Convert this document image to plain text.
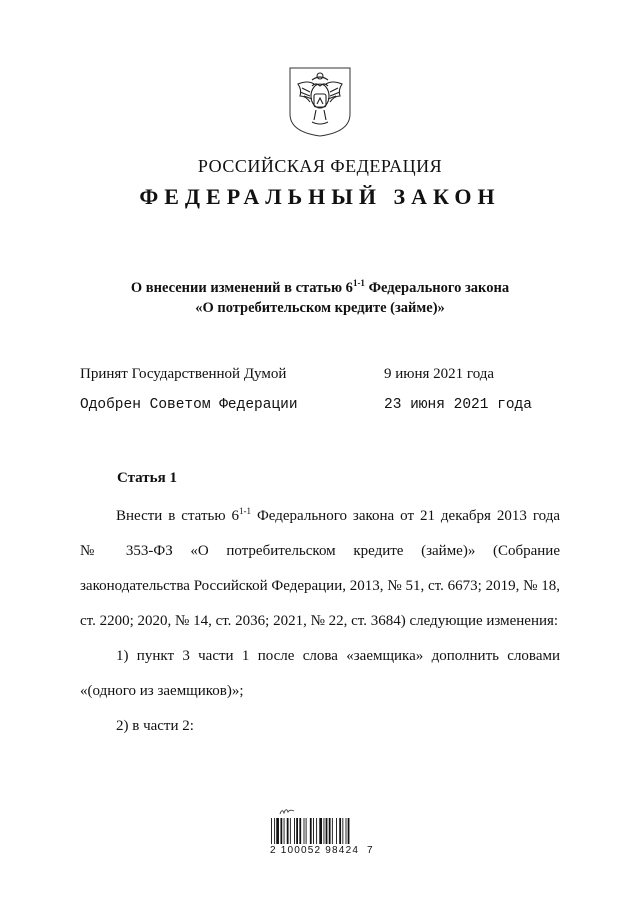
РОССИЙСКАЯ ФЕДЕРАЦИЯ
ФЕДЕРАЛЬНЫЙ ЗАКОН
О внесении изменений в статью 6$^{1-1}$ Федерального закона
«О потребительском кредите (займе)»
Принят Государственной Думой	9 июня 2021 года
Одобрен Советом Федерации	23 июня 2021 года
Статья 1
Внести в статью 6$^{1-1}$ Федерального закона от 21 декабря 2013 года
№ 353-ФЗ «О потребительском кредите (займе)» (Собрание
законодательства Российской Федерации, 2013, № 51, ст. 6673; 2019, № 18,
ст. 2200; 2020, № 14, ст. 2036; 2021, № 22, ст. 3684) следующие изменения:
1) пункт 3 части 1 после слова «заемщика» дополнить словами
«(одного из заемщиков)»;
2) в части 2:
2 100052 98424  7
